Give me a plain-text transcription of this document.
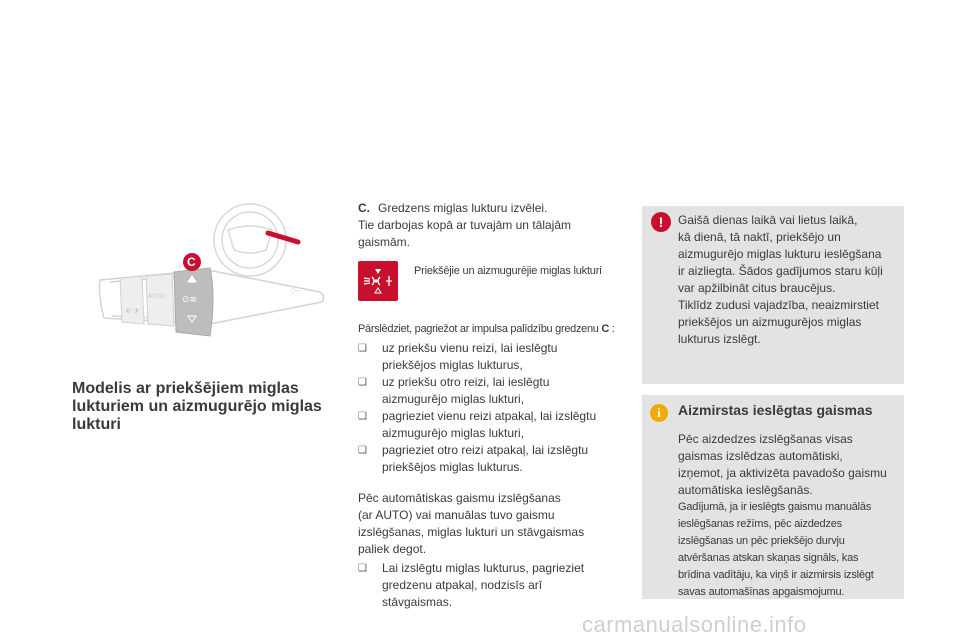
⊙≡
AUTO
◐ ◑
○—
C
Modelis ar priekšējiem miglas
lukturiem un aizmugurējo miglas
lukturi
C. Gredzens miglas lukturu izvēlei.
Tie darbojas kopā ar tuvajām un tālajām
gaismām.
Priekšējie un aizmugurējie miglas lukturi
Pārslēdziet, pagriežot ar impulsa palīdzību gredzenu C :
❑ uz priekšu vienu reizi, lai ieslēgtu
priekšējos miglas lukturus,
❑ uz priekšu otro reizi, lai ieslēgtu
aizmugurējo miglas lukturi,
❑ pagrieziet vienu reizi atpakaļ, lai izslēgtu
aizmugurējo miglas lukturi,
❑ pagrieziet otro reizi atpakaļ, lai izslēgtu
priekšējos miglas lukturus.
Pēc automātiskas gaismu izslēgšanas
(ar AUTO) vai manuālas tuvo gaismu
izslēgšanas, miglas lukturi un stāvgaismas
paliek degot.
❑ Lai izslēgtu miglas lukturus, pagrieziet
gredzenu atpakaļ, nodzisīs arī
stāvgaismas.
!	Gaišā dienas laikā vai lietus laikā,
kā dienā, tā naktī, priekšējo un
aizmugurējo miglas lukturu ieslēgšana
ir aizliegta. Šādos gadījumos staru kūļi
var apžilbināt citus braucējus.
Tiklīdz zudusi vajadzība, neaizmirstiet
priekšējos un aizmugurējos miglas
lukturus izslēgt.
i	Aizmirstas ieslēgtas gaismas
Pēc aizdedzes izslēgšanas visas
gaismas izslēdzas automātiski,
izņemot, ja aktivizēta pavadošo gaismu
automātiska ieslēgšanās.
Gadījumā, ja ir ieslēgts gaismu manuālās
ieslēgšanas režīms, pēc aizdedzes
izslēgšanas un pēc priekšējo durvju
atvēršanas atskan skaņas signāls, kas
brīdina vadītāju, ka viņš ir aizmirsis izslēgt
savas automašīnas apgaismojumu.
carmanualsonline.info
